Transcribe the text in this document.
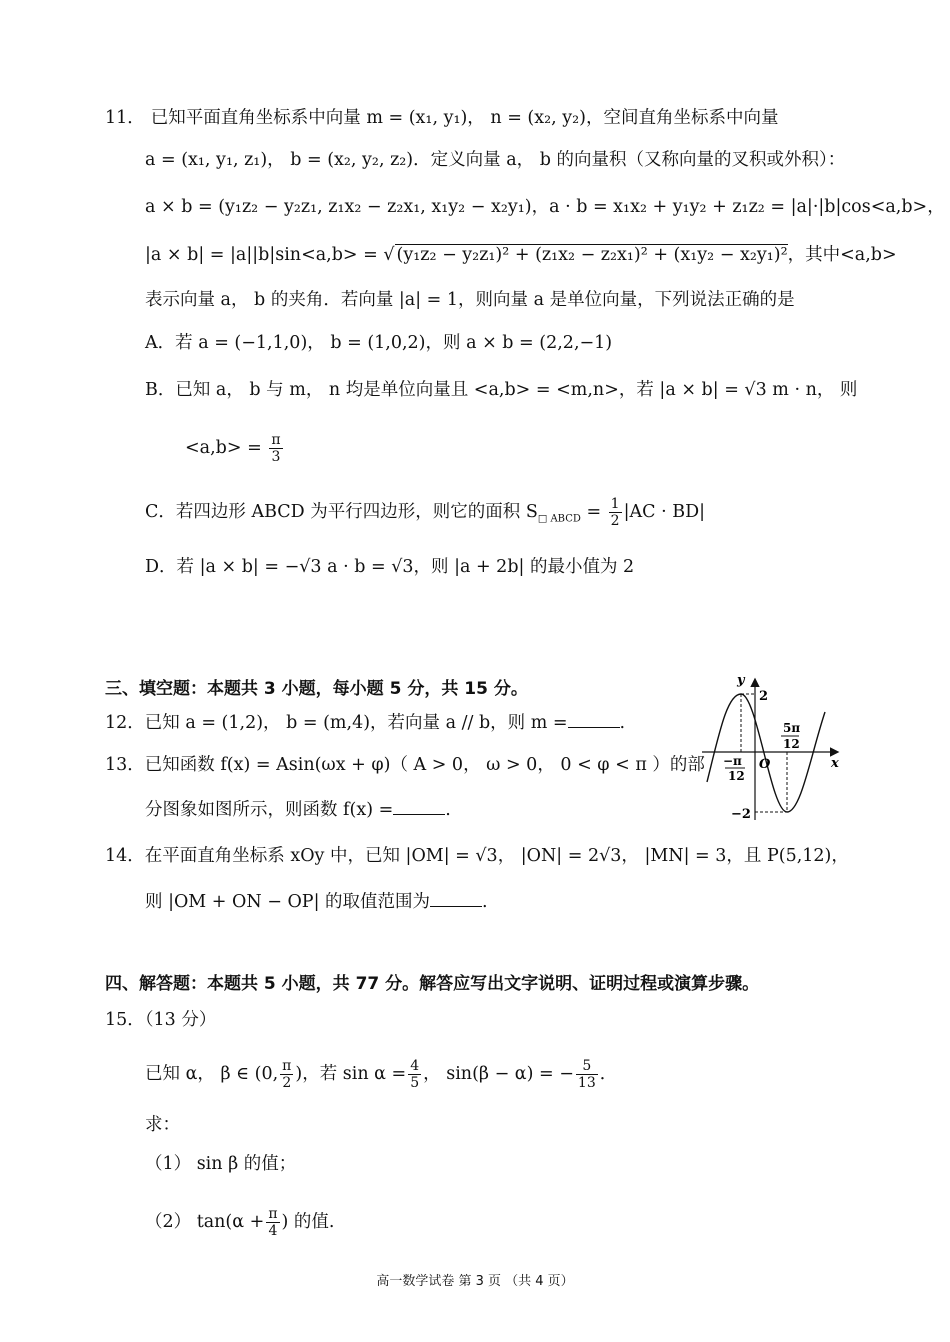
11． 已知平面直角坐标系中向量 m = (x₁, y₁)， n = (x₂, y₂)，空间直角坐标系中向量
a = (x₁, y₁, z₁)， b = (x₂, y₂, z₂)．定义向量 a， b 的向量积（又称向量的叉积或外积）：
a × b = (y₁z₂ − y₂z₁, z₁x₂ − z₂x₁, x₁y₂ − x₂y₁)，a · b = x₁x₂ + y₁y₂ + z₁z₂ = |a|·|b|cos<a,b>，
|a × b| = |a||b|sin<a,b> = √ (y₁z₂ − y₂z₁)² + (z₁x₂ − z₂x₁)² + (x₁y₂ − x₂y₁)²，其中<a,b>
表示向量 a， b 的夹角．若向量 |a| = 1，则向量 a 是单位向量，下列说法正确的是
A．若 a = (−1,1,0)， b = (1,0,2)，则 a × b = (2,2,−1)
B．已知 a， b 与 m， n 均是单位向量且 <a,b> = <m,n>，若 |a × b| = √3 m · n， 则
$<a,b> = \frac{\pi}{3}$
C．若四边形 ABCD 为平行四边形，则它的面积 $S_{□ ABCD} = \frac{1}{2} |AC \cdot BD|$
D．若 |a × b| = −√3 a · b = √3，则 |a + 2b| 的最小值为 2
三、填空题：本题共 3 小题，每小题 5 分，共 15 分。
12．已知 a = (1,2)， b = (m,4)，若向量 a // b，则 m =	.
13．已知函数 f(x) = Asin(ωx + φ)（ A > 0， ω > 0， 0 < φ < π ）的部
分图象如图所示，则函数 f(x) =	.
y
x
O
2
−2
−π
12
5π
12
14．在平面直角坐标系 xOy 中，已知 |OM| = √3， |ON| = 2√3， |MN| = 3，且 P(5,12)，
则 |OM + ON − OP| 的取值范围为	.
四、解答题：本题共 5 小题，共 77 分。解答应写出文字说明、证明过程或演算步骤。
15．（13 分）
已知 α， β ∈ (0, $\frac{\pi}{2}$ )，若 $\sin \alpha = \frac{4}{5}$ ， sin(β − α) = − $\frac{5}{13}$ ．
求：
（1） sin β 的值；
（2） $\tan(\alpha + \frac{\pi}{4}$ ) 的值.
高一数学试卷 第 3 页 （共 4 页）
